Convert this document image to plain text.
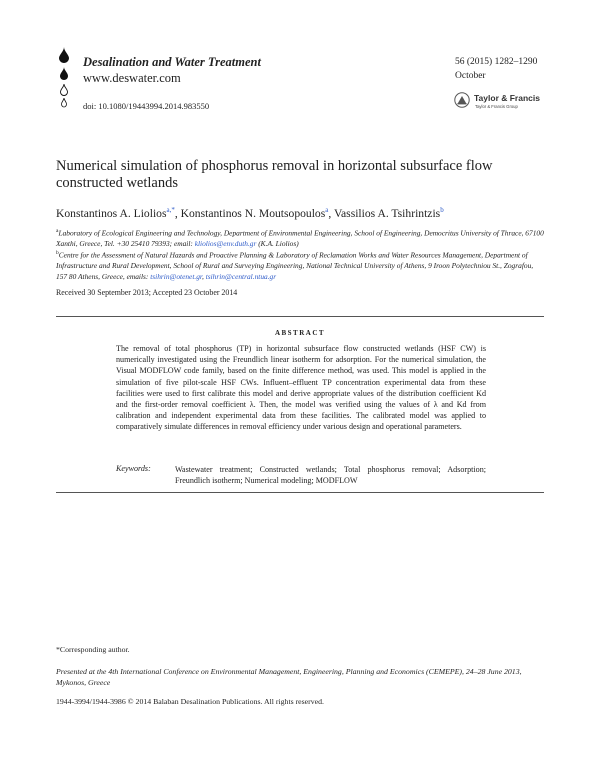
Desalination and Water Treatment
www.deswater.com
doi: 10.1080/19443994.2014.983550
56 (2015) 1282–1290
October
Taylor & Francis
Taylor & Francis Group
Numerical simulation of phosphorus removal in horizontal subsurface flow constructed wetlands
Konstantinos A. Liolios$^{a,*}$, Konstantinos N. Moutsopoulos$^a$, Vassilios A. Tsihrintzis$^b$
$^a$Laboratory of Ecological Engineering and Technology, Department of Environmental Engineering, School of Engineering, Democritus University of Thrace, 67100 Xanthi, Greece, Tel. +30 25410 79393; email: kliolios@env.duth.gr (K.A. Liolios)
$^b$Centre for the Assessment of Natural Hazards and Proactive Planning & Laboratory of Reclamation Works and Water Resources Management, Department of Infrastructure and Rural Development, School of Rural and Surveying Engineering, National Technical University of Athens, 9 Iroon Polytechniou St., Zografou, 157 80 Athens, Greece, emails: tsihrin@otenet.gr, tsihrin@central.ntua.gr
Received 30 September 2013; Accepted 23 October 2014
ABSTRACT
The removal of total phosphorus (TP) in horizontal subsurface flow constructed wetlands (HSF CW) is numerically investigated using the Freundlich linear isotherm for adsorption. For the numerical simulation, the Visual MODFLOW code family, based on the finite difference method, was used. This model is applied in the simulation of five pilot-scale HSF CWs. Influent–effluent TP concentration experimental data from these facilities were used to first calibrate this model and derive appropriate values of the distribution coefficient Kd and the first-order removal coefficient λ. Then, the model was verified using the values of λ and Kd from calibration and independent experimental data from these facilities. The calibrated model was applied to comparatively simulate differences in removal efficiency under various design and operational parameters.
Keywords:	Wastewater treatment; Constructed wetlands; Total phosphorus removal; Adsorption; Freundlich isotherm; Numerical modeling; MODFLOW
*Corresponding author.
Presented at the 4th International Conference on Environmental Management, Engineering, Planning and Economics (CEMEPE), 24–28 June 2013, Mykonos, Greece
1944-3994/1944-3986 © 2014 Balaban Desalination Publications. All rights reserved.
